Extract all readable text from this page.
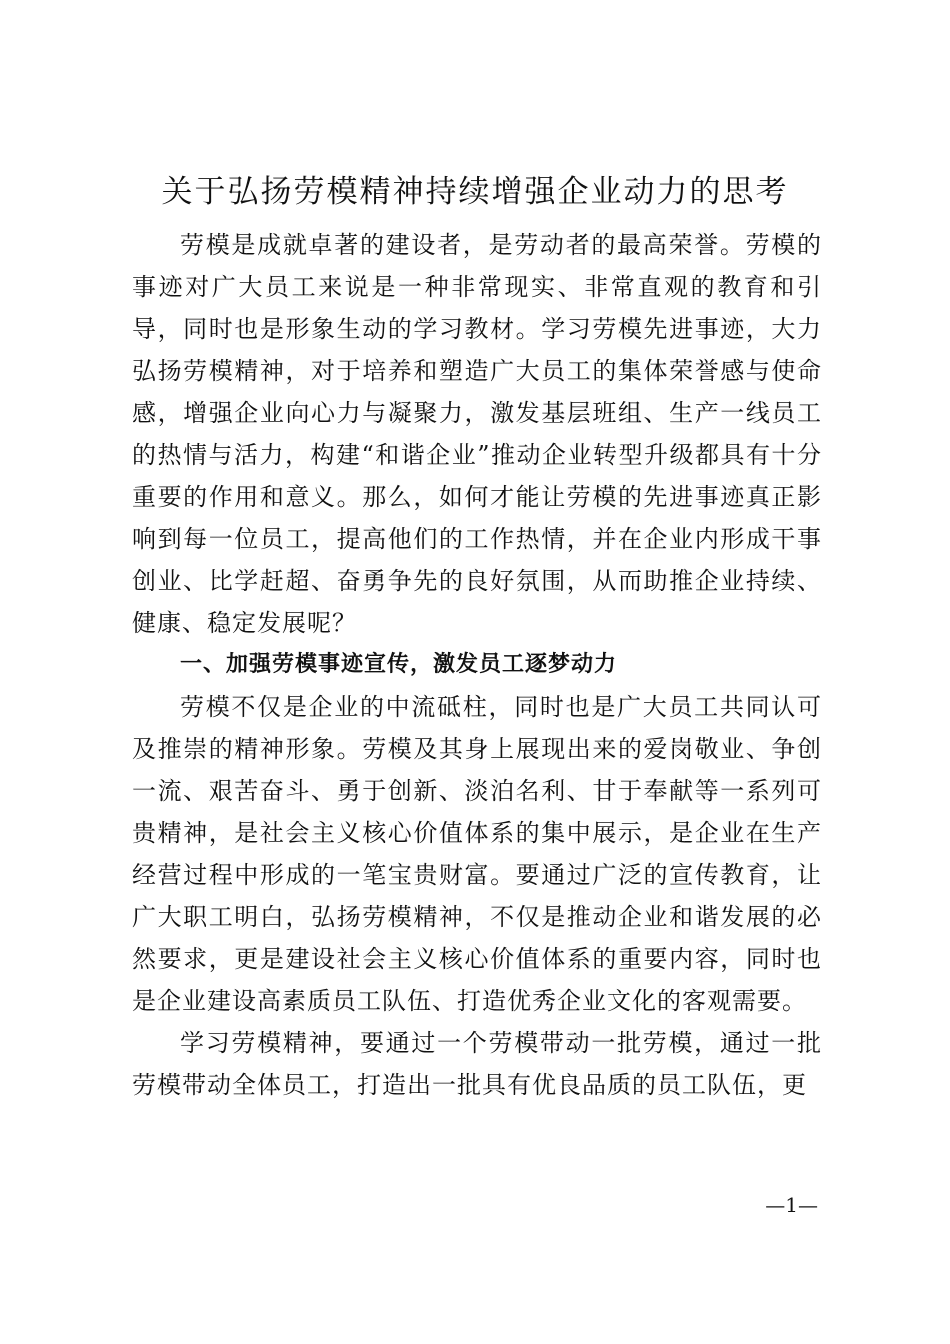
关于弘扬劳模精神持续增强企业动力的思考

劳模是成就卓著的建设者，是劳动者的最高荣誉。劳模的事迹对广大员工来说是一种非常现实、非常直观的教育和引导，同时也是形象生动的学习教材。学习劳模先进事迹，大力弘扬劳模精神，对于培养和塑造广大员工的集体荣誉感与使命感，增强企业向心力与凝聚力，激发基层班组、生产一线员工的热情与活力，构建“和谐企业”推动企业转型升级都具有十分重要的作用和意义。那么，如何才能让劳模的先进事迹真正影响到每一位员工，提高他们的工作热情，并在企业内形成干事创业、比学赶超、奋勇争先的良好氛围，从而助推企业持续、健康、稳定发展呢？

一、加强劳模事迹宣传，激发员工逐梦动力

劳模不仅是企业的中流砥柱，同时也是广大员工共同认可及推崇的精神形象。劳模及其身上展现出来的爱岗敬业、争创一流、艰苦奋斗、勇于创新、淡泊名利、甘于奉献等一系列可贵精神，是社会主义核心价值体系的集中展示，是企业在生产经营过程中形成的一笔宝贵财富。要通过广泛的宣传教育，让广大职工明白，弘扬劳模精神，不仅是推动企业和谐发展的必然要求，更是建设社会主义核心价值体系的重要内容，同时也是企业建设高素质员工队伍、打造优秀企业文化的客观需要。

学习劳模精神，要通过一个劳模带动一批劳模，通过一批劳模带动全体员工，打造出一批具有优良品质的员工队伍，更

—1—
